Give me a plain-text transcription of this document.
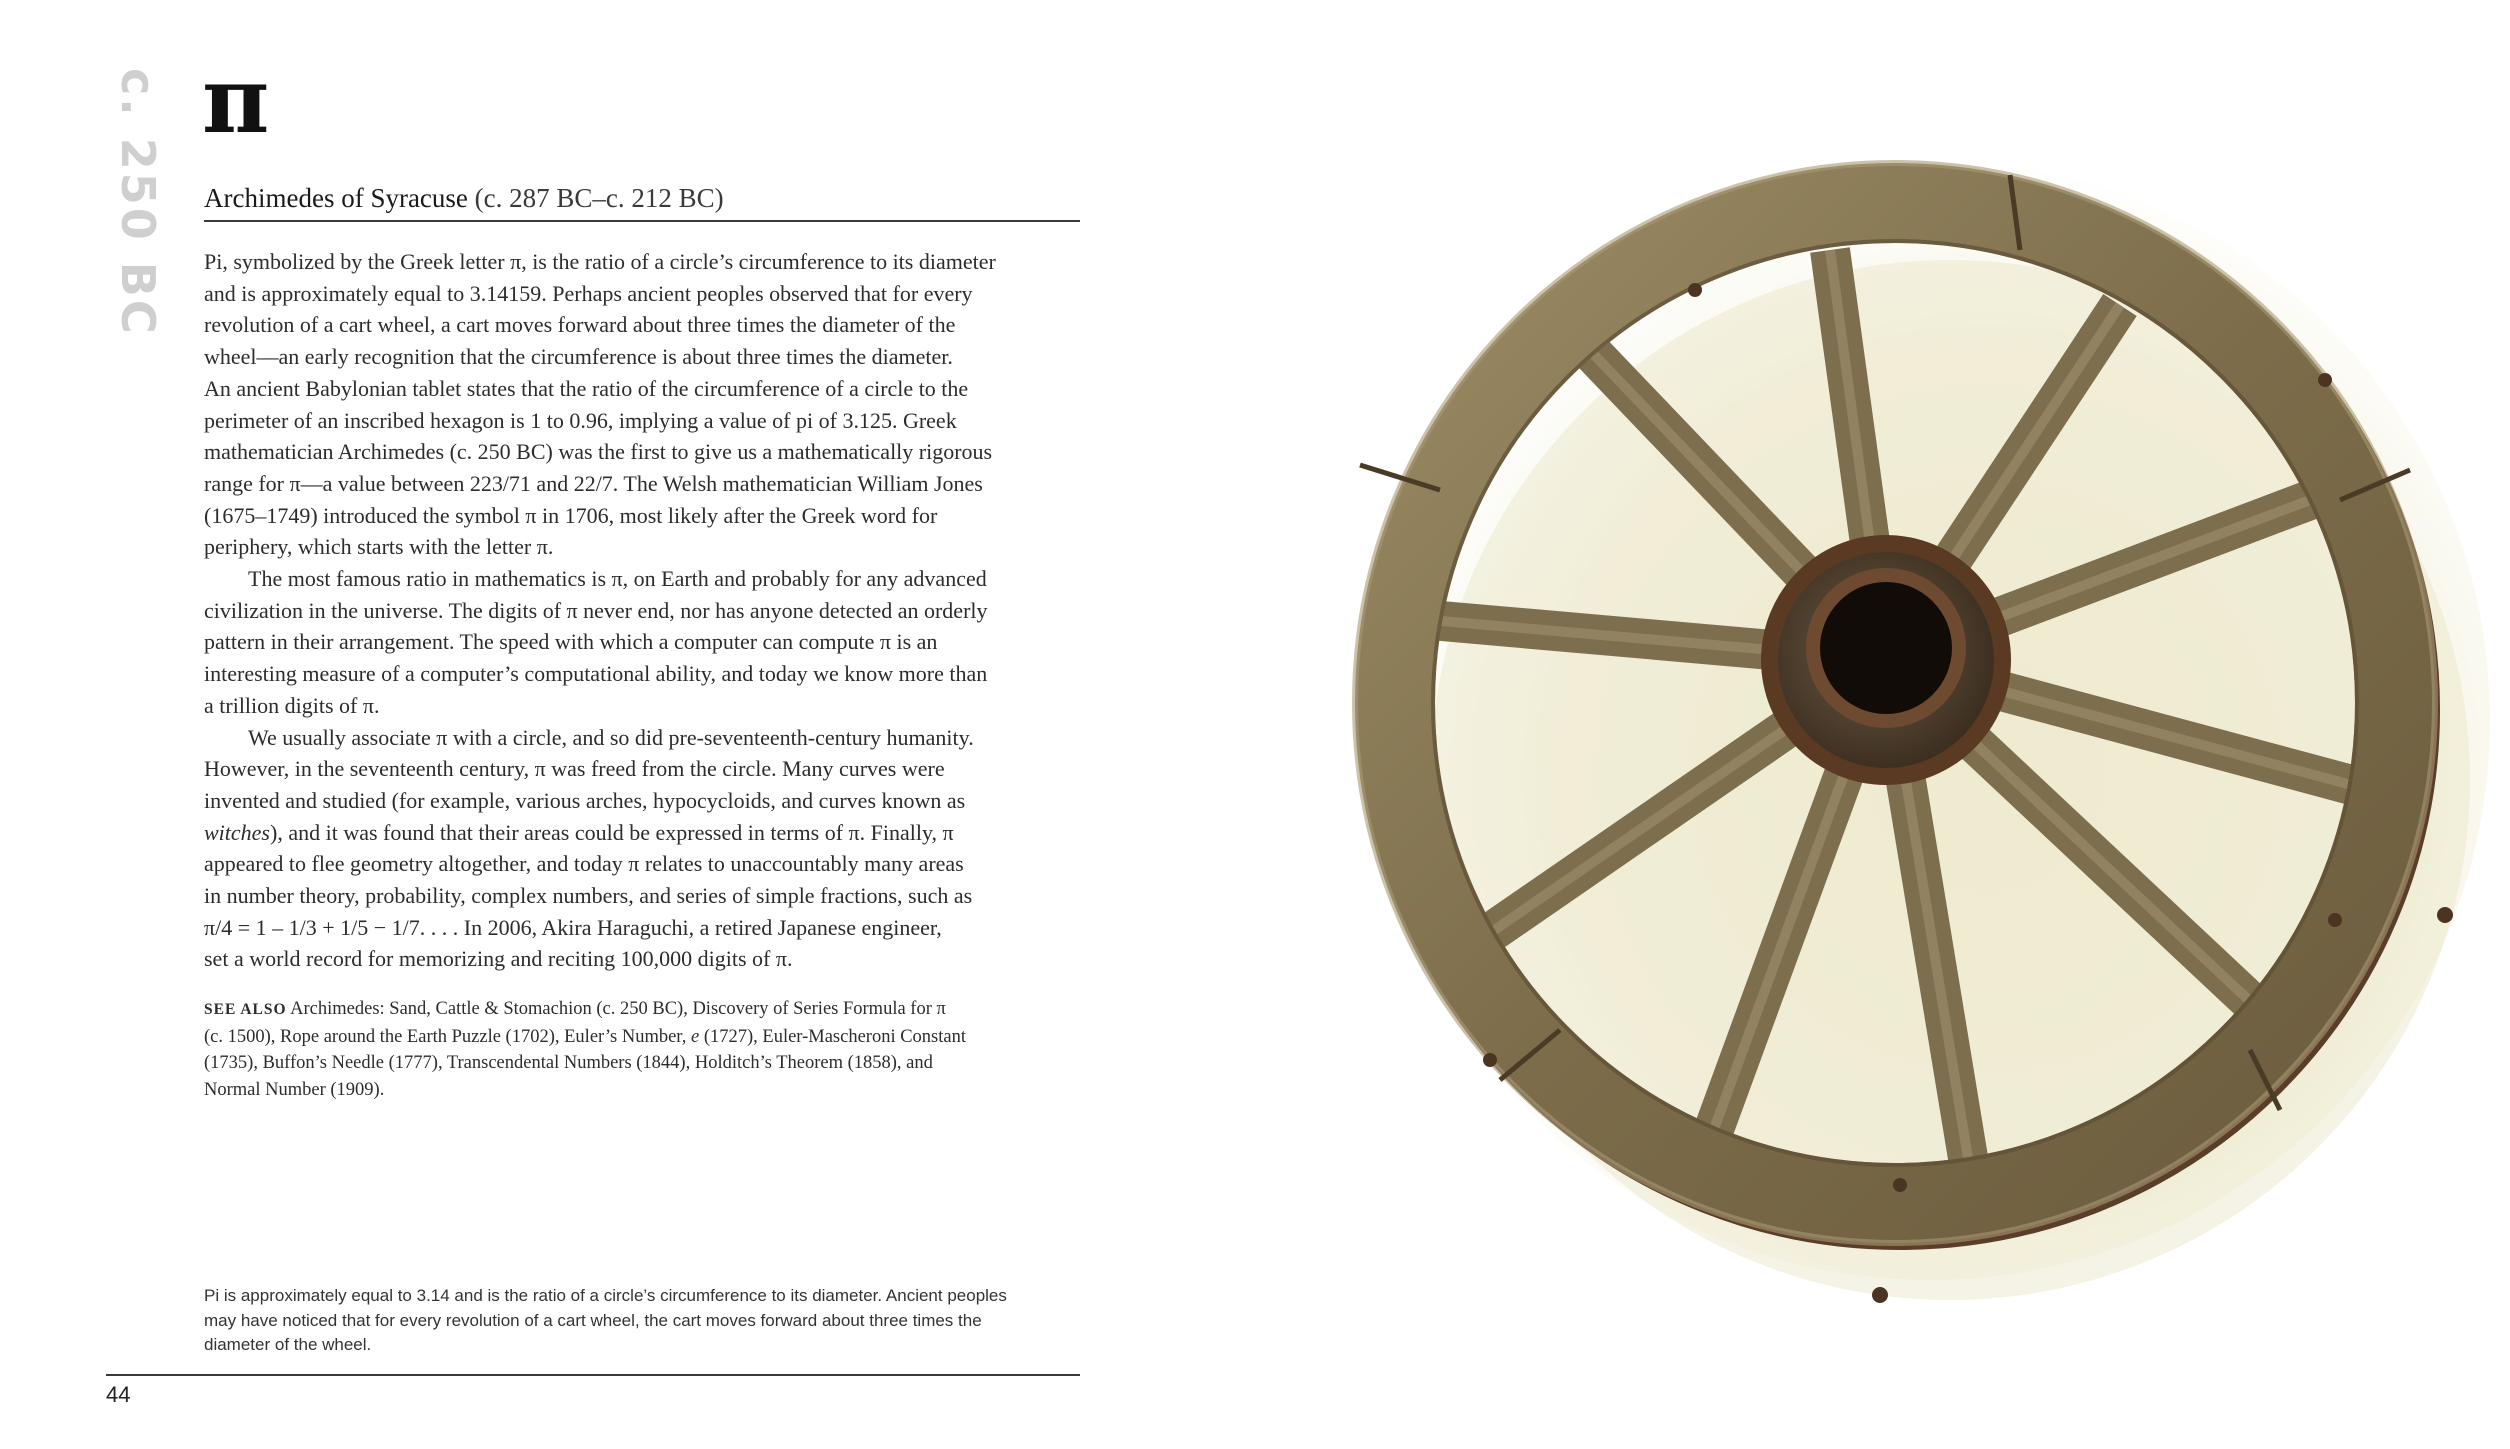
c. 250 BC π
Archimedes of Syracuse (c. 287 BC–c. 212 BC)

Pi, symbolized by the Greek letter π, is the ratio of a circle’s circumference to its diameter
and is approximately equal to 3.14159. Perhaps ancient peoples observed that for every
revolution of a cart wheel, a cart moves forward about three times the diameter of the
wheel—an early recognition that the circumference is about three times the diameter.
An ancient Babylonian tablet states that the ratio of the circumference of a circle to the
perimeter of an inscribed hexagon is 1 to 0.96, implying a value of pi of 3.125. Greek
mathematician Archimedes (c. 250 BC) was the first to give us a mathematically rigorous
range for π—a value between 223/71 and 22/7. The Welsh mathematician William Jones
(1675–1749) introduced the symbol π in 1706, most likely after the Greek word for
periphery, which starts with the letter π.

The most famous ratio in mathematics is π, on Earth and probably for any advanced
civilization in the universe. The digits of π never end, nor has anyone detected an orderly
pattern in their arrangement. The speed with which a computer can compute π is an
interesting measure of a computer’s computational ability, and today we know more than
a trillion digits of π.

We usually associate π with a circle, and so did pre-seventeenth-century humanity.
However, in the seventeenth century, π was freed from the circle. Many curves were
invented and studied (for example, various arches, hypocycloids, and curves known as
witches), and it was found that their areas could be expressed in terms of π. Finally, π
appeared to flee geometry altogether, and today π relates to unaccountably many areas
in number theory, probability, complex numbers, and series of simple fractions, such as
π/4 = 1 – 1/3 + 1/5 − 1/7. . . . In 2006, Akira Haraguchi, a retired Japanese engineer,
set a world record for memorizing and reciting 100,000 digits of π.

SEE ALSO Archimedes: Sand, Cattle & Stomachion (c. 250 BC), Discovery of Series Formula for π
(c. 1500), Rope around the Earth Puzzle (1702), Euler’s Number, e (1727), Euler-Mascheroni Constant
(1735), Buffon’s Needle (1777), Transcendental Numbers (1844), Holditch’s Theorem (1858), and
Normal Number (1909).
Pi is approximately equal to 3.14 and is the ratio of a circle’s circumference to its diameter. Ancient peoples
may have noticed that for every revolution of a cart wheel, the cart moves forward about three times the
diameter of the wheel.
44
